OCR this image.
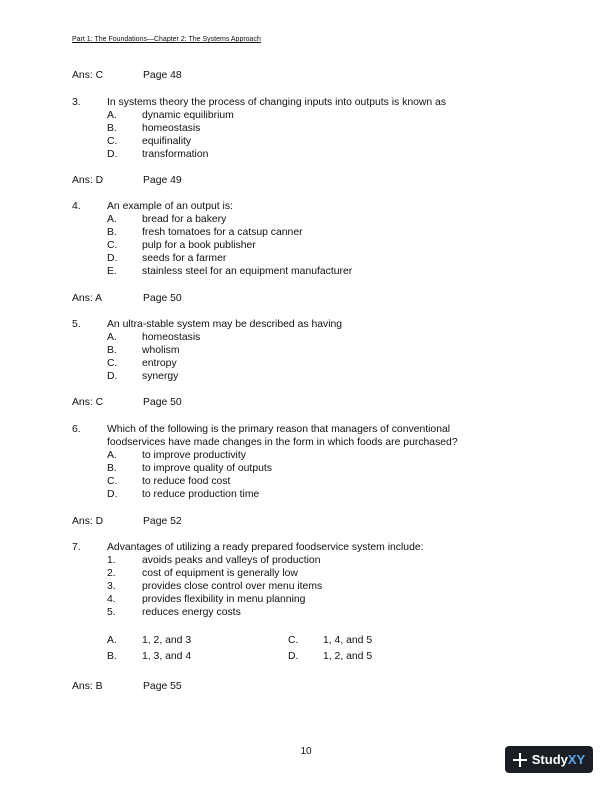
Part 1: The Foundations—Chapter 2: The Systems Approach
Ans: C	Page 48
3.	In systems theory the process of changing inputs into outputs is known as
A. dynamic equilibrium
B. homeostasis
C. equifinality
D. transformation
Ans: D	Page 49
4.	An example of an output is:
A. bread for a bakery
B. fresh tomatoes for a catsup canner
C. pulp for a book publisher
D. seeds for a farmer
E. stainless steel for an equipment manufacturer
Ans: A	Page 50
5.	An ultra-stable system may be described as having
A. homeostasis
B. wholism
C. entropy
D. synergy
Ans: C	Page 50
6.	Which of the following is the primary reason that managers of conventional
foodservices have made changes in the form in which foods are purchased?
A. to improve productivity
B. to improve quality of outputs
C. to reduce food cost
D. to reduce production time
Ans: D	Page 52
7.	Advantages of utilizing a ready prepared foodservice system include:
1.	avoids peaks and valleys of production
2.	cost of equipment is generally low
3.	provides close control over menu items
4.	provides flexibility in menu planning
5.	reduces energy costs
A. 1, 2, and 3	C. 1, 4, and 5
B. 1, 3, and 4	D. 1, 2, and 5
Ans: B	Page 55
10
StudyXY
